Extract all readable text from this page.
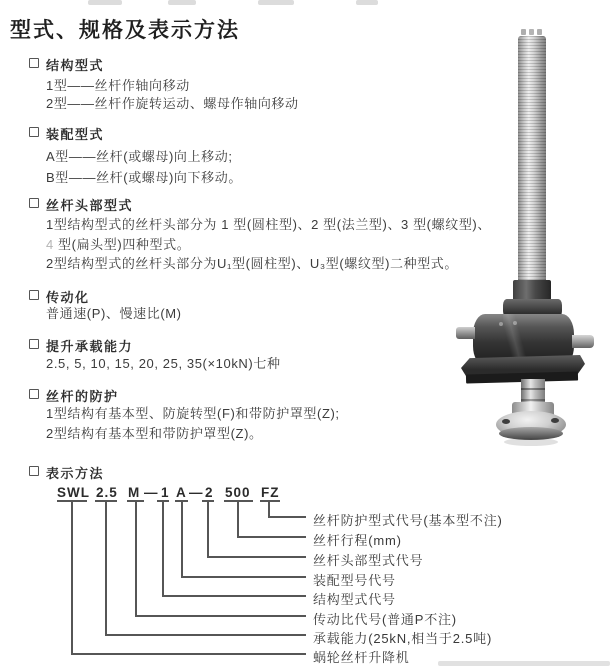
型式、规格及表示方法
结构型式
1型——丝杆作轴向移动
2型——丝杆作旋转运动、螺母作轴向移动
装配型式
A型——丝杆(或螺母)向上移动;
B型——丝杆(或螺母)向下移动。
丝杆头部型式
1型结构型式的丝杆头部分为 1 型(圆柱型)、2 型(法兰型)、3 型(螺纹型)、
4 型(扁头型)四种型式。
2型结构型式的丝杆头部分为U₁型(圆柱型)、U₃型(螺纹型)二种型式。
传动化
普通速(P)、慢速比(M)
提升承载能力
2.5, 5, 10, 15, 20, 25, 35(×10kN)七种
丝杆的防护
1型结构有基本型、防旋转型(F)和带防护罩型(Z);
2型结构有基本型和带防护罩型(Z)。
表示方法
SWL 2.5 M — 1 A — 2 500 FZ
丝杆防护型式代号(基本型不注)
丝杆行程(mm)
丝杆头部型式代号
装配型号代号
结构型式代号
传动比代号(普通P不注)
承载能力(25kN,相当于2.5吨)
蜗轮丝杆升降机
